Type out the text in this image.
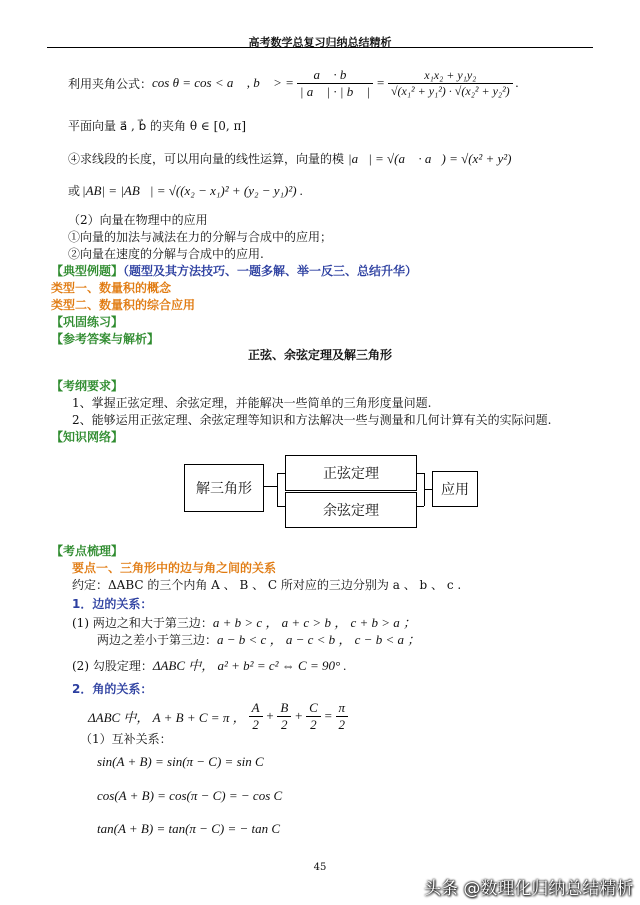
高考数学总复习归纳总结精析
利用夹角公式： cos θ = cos < a⃗ , b⃗ > = $\frac{a⃗ \cdot b⃗}{| a⃗ | \cdot | b⃗ |} = \frac{\text{x₁x₂ + y₁y₂}}{\text{√(x₁² + y₁²) · √(x₂² + y₂²)}}$ .
平面向量 a⃗ , b⃗ 的夹角 θ ∈ [0, π]
④求线段的长度，可以用向量的线性运算，向量的模 |a⃗| = √(a⃗ · a⃗) = √(x² + y²)
或 |AB| = |AB⃗| = √((x₂ − x₁)² + (y₂ − y₁)²) .
（2）向量在物理中的应用
①向量的加法与减法在力的分解与合成中的应用；
②向量在速度的分解与合成中的应用.
【典型例题】（题型及其方法技巧、一题多解、举一反三、总结升华）
类型一、数量积的概念
类型二、数量积的综合应用
【巩固练习】
【参考答案与解析】
正弦、余弦定理及解三角形
【考纲要求】
1、掌握正弦定理、余弦定理，并能解决一些简单的三角形度量问题.
2、能够运用正弦定理、余弦定理等知识和方法解决一些与测量和几何计算有关的实际问题.
【知识网络】
解三角形
正弦定理
余弦定理
应用
【考点梳理】
要点一、三角形中的边与角之间的关系
约定：ΔABC 的三个内角 A 、 B 、 C 所对应的三边分别为 a 、 b 、 c .
1．边的关系：
(1) 两边之和大于第三边：a + b > c ， a + c > b ， c + b > a ；
两边之差小于第三边：a − b < c ， a − c < b ， c − b < a ；
(2) 勾股定理：ΔABC 中， a² + b² = c² ⇔ C = 90° .
2．角的关系：
ΔABC 中， A + B + C = π ， $\frac{A}{2} + \frac{B}{2} + \frac{C}{2} = \frac{\pi}{2}$
（1）互补关系：
sin(A + B) = sin(π − C) = sin C
cos(A + B) = cos(π − C) = − cos C
tan(A + B) = tan(π − C) = − tan C
45
头条 @数理化归纳总结精析
